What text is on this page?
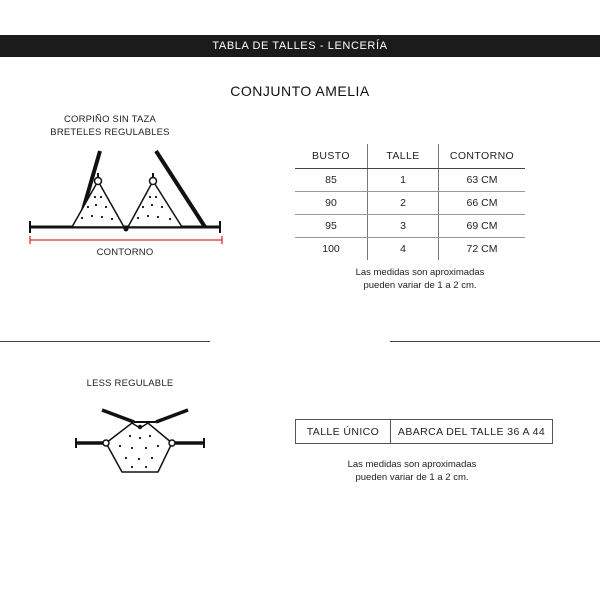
TABLA DE TALLES - LENCERÍA
CONJUNTO AMELIA
CORPIÑO SIN TAZA
BRETELES REGULABLES
CONTORNO
BUSTO	TALLE	CONTORNO
85	1	63 CM
90	2	66 CM
95	3	69 CM
100	4	72 CM
Las medidas son aproximadas
pueden variar de 1 a 2 cm.
LESS REGULABLE
TALLE ÚNICO	ABARCA DEL TALLE 36 A 44
Las medidas son aproximadas
pueden variar de 1 a 2 cm.
